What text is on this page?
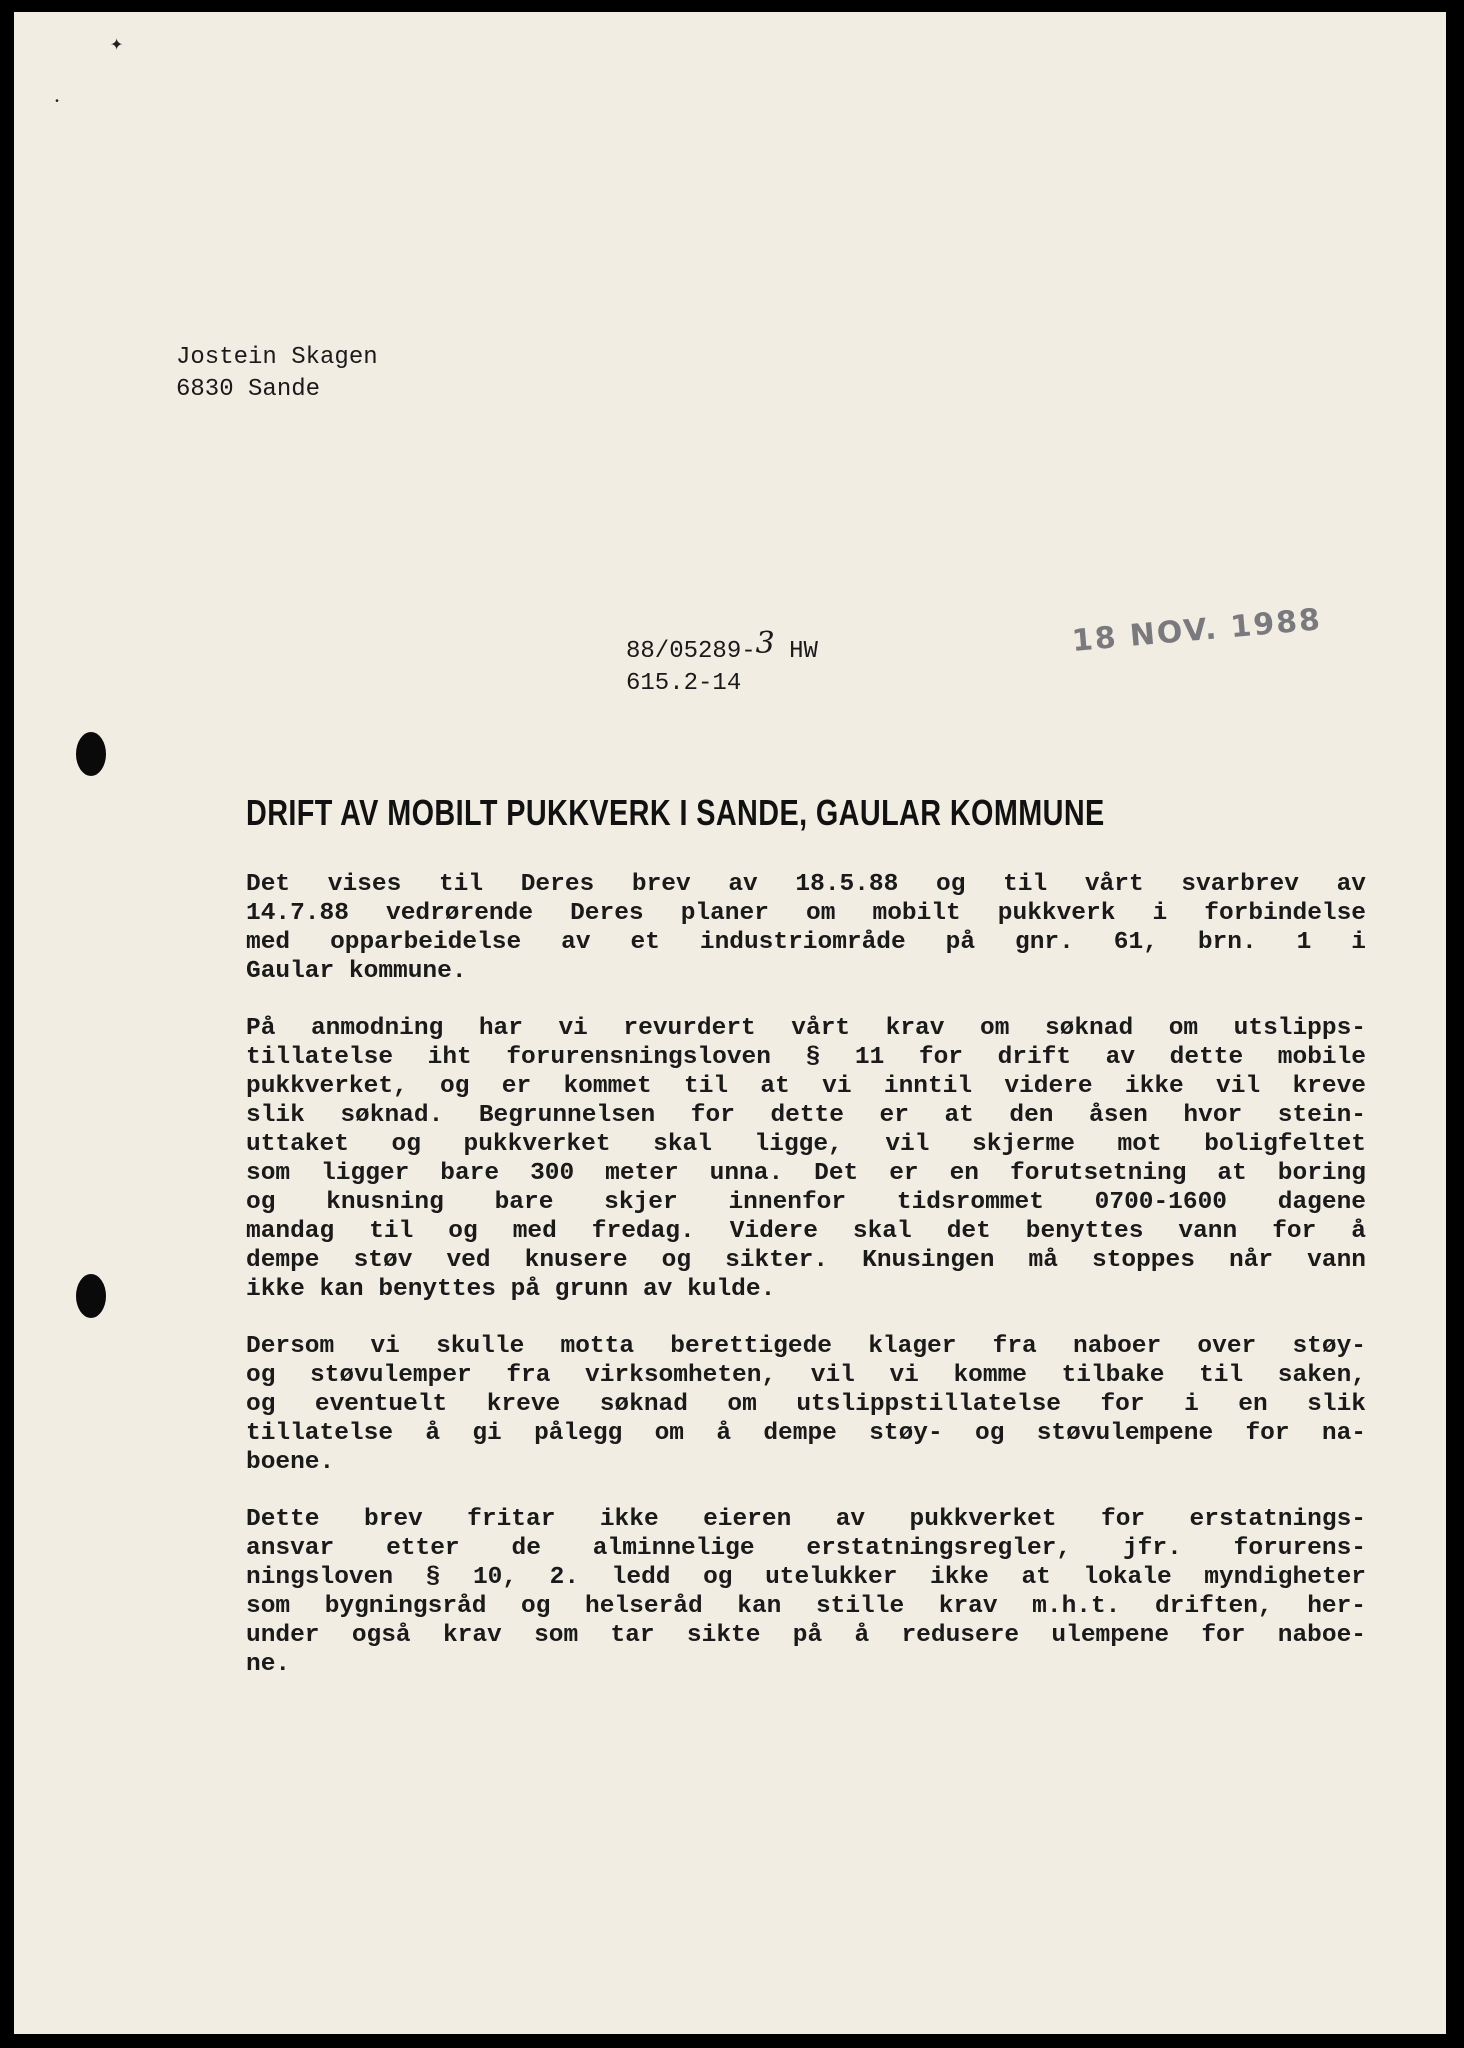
✦
•
Jostein Skagen
6830 Sande
88/05289-3 HW
615.2-14
18 NOV. 1988
DRIFT AV MOBILT PUKKVERK I SANDE, GAULAR KOMMUNE
Det vises til Deres brev av 18.5.88 og til vårt svarbrev av
14.7.88 vedrørende Deres planer om mobilt pukkverk i forbindelse
med opparbeidelse av et industriområde på gnr. 61, brn. 1 i
Gaular kommune.
På anmodning har vi revurdert vårt krav om søknad om utslipps-
tillatelse iht forurensningsloven § 11 for drift av dette mobile
pukkverket, og er kommet til at vi inntil videre ikke vil kreve
slik søknad. Begrunnelsen for dette er at den åsen hvor stein-
uttaket og pukkverket skal ligge, vil skjerme mot boligfeltet
som ligger bare 300 meter unna. Det er en forutsetning at boring
og knusning bare skjer innenfor tidsrommet 0700-1600 dagene
mandag til og med fredag. Videre skal det benyttes vann for å
dempe støv ved knusere og sikter. Knusingen må stoppes når vann
ikke kan benyttes på grunn av kulde.
Dersom vi skulle motta berettigede klager fra naboer over støy-
og støvulemper fra virksomheten, vil vi komme tilbake til saken,
og eventuelt kreve søknad om utslippstillatelse for i en slik
tillatelse å gi pålegg om å dempe støy- og støvulempene for na-
boene.
Dette brev fritar ikke eieren av pukkverket for erstatnings-
ansvar etter de alminnelige erstatningsregler, jfr. forurens-
ningsloven § 10, 2. ledd og utelukker ikke at lokale myndigheter
som bygningsråd og helseråd kan stille krav m.h.t. driften, her-
under også krav som tar sikte på å redusere ulempene for naboe-
ne.
